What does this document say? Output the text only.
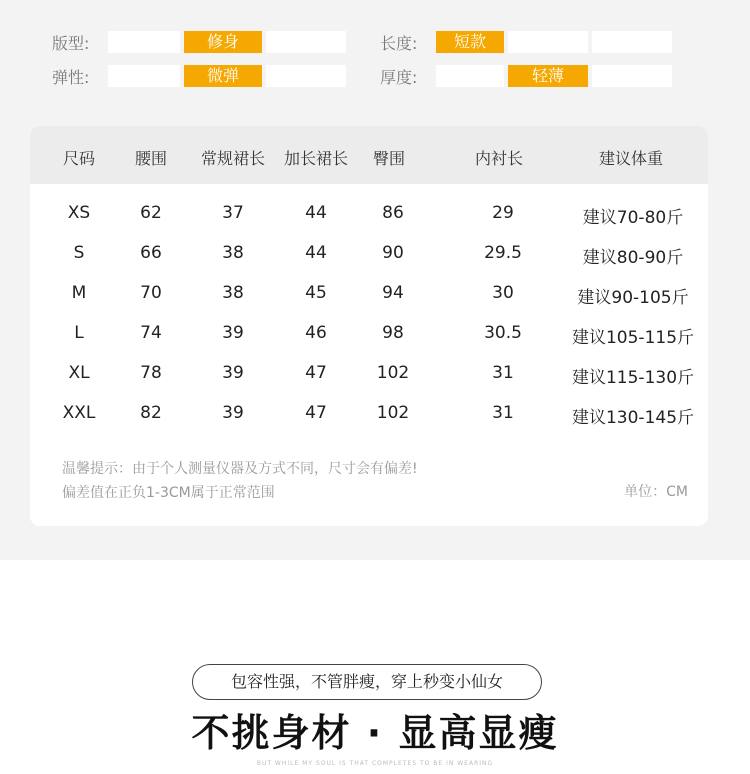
版型:	修身
弹性:	微弹
长度:	短款
厚度:	轻薄
尺码 腰围 常规裙长 加长裙长 臀围	内衬长	建议体重
XS	62	37	44	86	29	建议70-80斤
S	66	38	44	90	29.5	建议80-90斤
M	70	38	45	94	30	建议90-105斤
L	74	39	46	98	30.5	建议105-115斤
XL	78	39	47	102	31	建议115-130斤
XXL	82	39	47	102	31	建议130-145斤
温馨提示：由于个人测量仪器及方式不同，尺寸会有偏差!
偏差值在正负1-3CM属于正常范围	单位：CM
包容性强，不管胖瘦，穿上秒变小仙女
不挑身材 · 显高显瘦
BUT WHILE MY SOUL IS THAT COMPLETES TO BE IN WEARING
